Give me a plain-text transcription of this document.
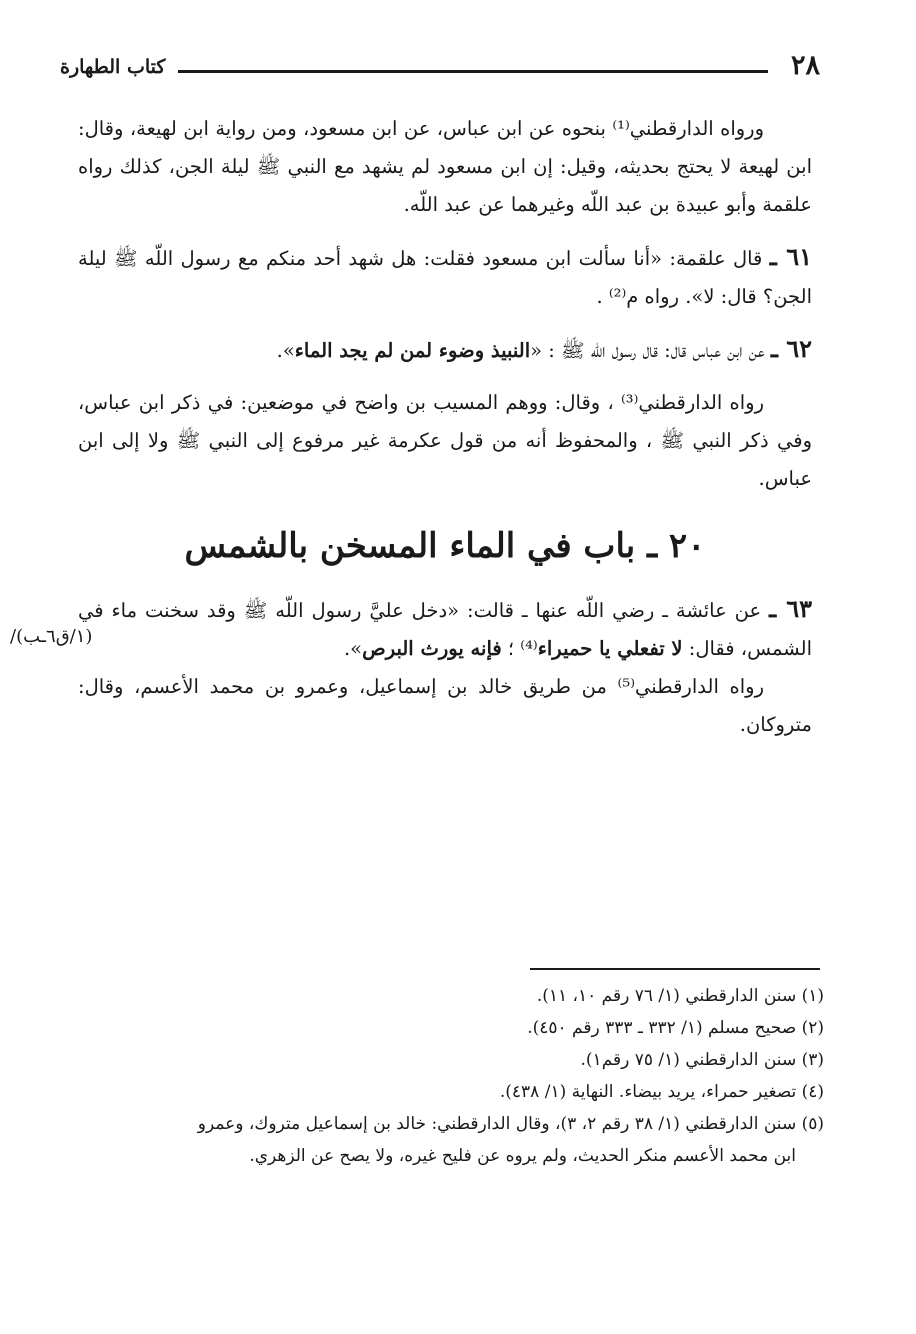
٢٨
كتاب الطهارة

ورواه الدارقطني⁽¹⁾ بنحوه عن ابن عباس، عن ابن مسعود، ومن رواية ابن لهيعة، وقال: ابن لهيعة لا يحتج بحديثه، وقيل: إن ابن مسعود لم يشهد مع النبي ﷺ ليلة الجن، كذلك رواه علقمة وأبو عبيدة بن عبد اللّه وغيرهما عن عبد اللّه.

٦١ ـ قال علقمة: «أنا سألت ابن مسعود فقلت: هل شهد أحد منكم مع رسول اللّه ﷺ ليلة الجن؟ قال: لا». رواه م⁽²⁾ .

٦٢ ـ عن ابن عباس قال: قال رسول اللّه ﷺ : «النبيذ وضوء لمن لم يجد الماء».

رواه الدارقطني⁽³⁾ ، وقال: ووهم المسيب بن واضح في موضعين: في ذكر ابن عباس، وفي ذكر النبي ﷺ ، والمحفوظ أنه من قول عكرمة غير مرفوع إلى النبي ﷺ ولا إلى ابن عباس.

٢٠ ـ باب في الماء المسخن بالشمس

٦٣ ـ عن عائشة ـ رضي اللّه عنها ـ قالت: «دخل عليَّ رسول اللّه ﷺ وقد سخنت ماء في الشمس، فقال: لا تفعلي يا حميراء⁽⁴⁾ ؛ فإنه يورث البرص».

رواه الدارقطني⁽⁵⁾ من طريق خالد بن إسماعيل، وعمرو بن محمد الأعسم، وقال: متروكان.

(١/ق٦ـب)/
(١) سنن الدارقطني (١/ ٧٦ رقم ١٠، ١١).
(٢) صحيح مسلم (١/ ٣٣٢ ـ ٣٣٣ رقم ٤٥٠).
(٣) سنن الدارقطني (١/ ٧٥ رقم١).
(٤) تصغير حمراء، يريد بيضاء. النهاية (١/ ٤٣٨).
(٥) سنن الدارقطني (١/ ٣٨ رقم ٢، ٣)، وقال الدارقطني: خالد بن إسماعيل متروك، وعمرو
ابن محمد الأعسم منكر الحديث، ولم يروه عن فليح غيره، ولا يصح عن الزهري.
